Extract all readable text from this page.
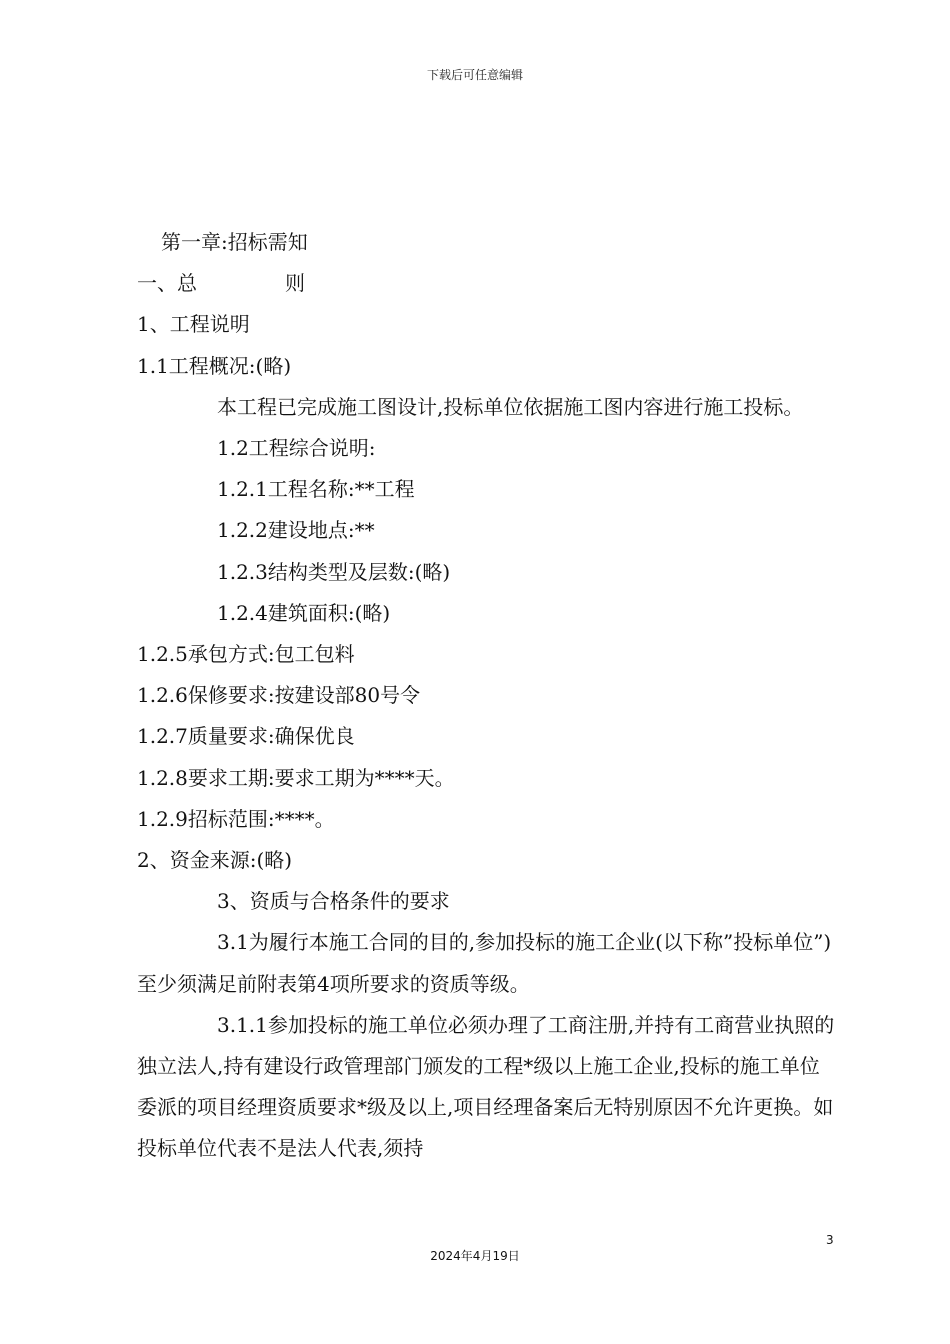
下载后可任意编辑

第一章:招标需知

一、总	则

1、工程说明

1.1工程概况:(略)

本工程已完成施工图设计,投标单位依据施工图内容进行施工投标。

1.2工程综合说明:

1.2.1工程名称:**工程

1.2.2建设地点:**

1.2.3结构类型及层数:(略)

1.2.4建筑面积:(略)

1.2.5承包方式:包工包料

1.2.6保修要求:按建设部80号令

1.2.7质量要求:确保优良

1.2.8要求工期:要求工期为****天。

1.2.9招标范围:****。

2、资金来源:(略)

3、资质与合格条件的要求

3.1为履行本施工合同的目的,参加投标的施工企业(以下称”投标单位”)至少须满足前附表第4项所要求的资质等级。

3.1.1参加投标的施工单位必须办理了工商注册,并持有工商营业执照的独立法人,持有建设行政管理部门颁发的工程*级以上施工企业,投标的施工单位委派的项目经理资质要求*级及以上,项目经理备案后无特别原因不允许更换。如投标单位代表不是法人代表,须持

3
2024年4月19日
